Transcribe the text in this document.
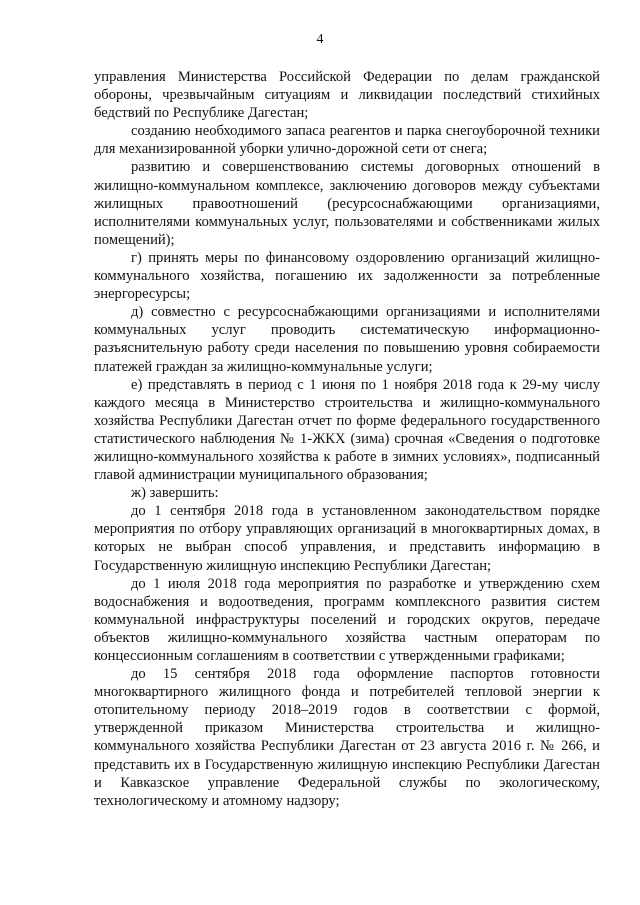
4

управления Министерства Российской Федерации по делам гражданской обороны, чрезвычайным ситуациям и ликвидации последствий стихийных бедствий по Республике Дагестан;

созданию необходимого запаса реагентов и парка снегоуборочной техники для механизированной уборки улично-дорожной сети от снега;

развитию и совершенствованию системы договорных отношений в жилищно-коммунальном комплексе, заключению договоров между субъектами жилищных правоотношений (ресурсоснабжающими организациями, исполнителями коммунальных услуг, пользователями и собственниками жилых помещений);

г) принять меры по финансовому оздоровлению организаций жилищно-коммунального хозяйства, погашению их задолженности за потребленные энергоресурсы;

д) совместно с ресурсоснабжающими организациями и исполнителями коммунальных услуг проводить систематическую информационно-разъяснительную работу среди населения по повышению уровня собираемости платежей граждан за жилищно-коммунальные услуги;

е) представлять в период с 1 июня по 1 ноября 2018 года к 29-му числу каждого месяца в Министерство строительства и жилищно-коммунального хозяйства Республики Дагестан отчет по форме федерального государственного статистического наблюдения № 1-ЖКХ (зима) срочная «Сведения о подготовке жилищно-коммунального хозяйства к работе в зимних условиях», подписанный главой администрации муниципального образования;

ж) завершить:

до 1 сентября 2018 года в установленном законодательством порядке мероприятия по отбору управляющих организаций в многоквартирных домах, в которых не выбран способ управления, и представить информацию в Государственную жилищную инспекцию Республики Дагестан;

до 1 июля 2018 года мероприятия по разработке и утверждению схем водоснабжения и водоотведения, программ комплексного развития систем коммунальной инфраструктуры поселений и городских округов, передаче объектов жилищно-коммунального хозяйства частным операторам по концессионным соглашениям в соответствии с утвержденными графиками;

до 15 сентября 2018 года оформление паспортов готовности многоквартирного жилищного фонда и потребителей тепловой энергии к отопительному периоду 2018–2019 годов в соответствии с формой, утвержденной приказом Министерства строительства и жилищно-коммунального хозяйства Республики Дагестан от 23 августа 2016 г. № 266, и представить их в Государственную жилищную инспекцию Республики Дагестан и Кавказское управление Федеральной службы по экологическому, технологическому и атомному надзору;
